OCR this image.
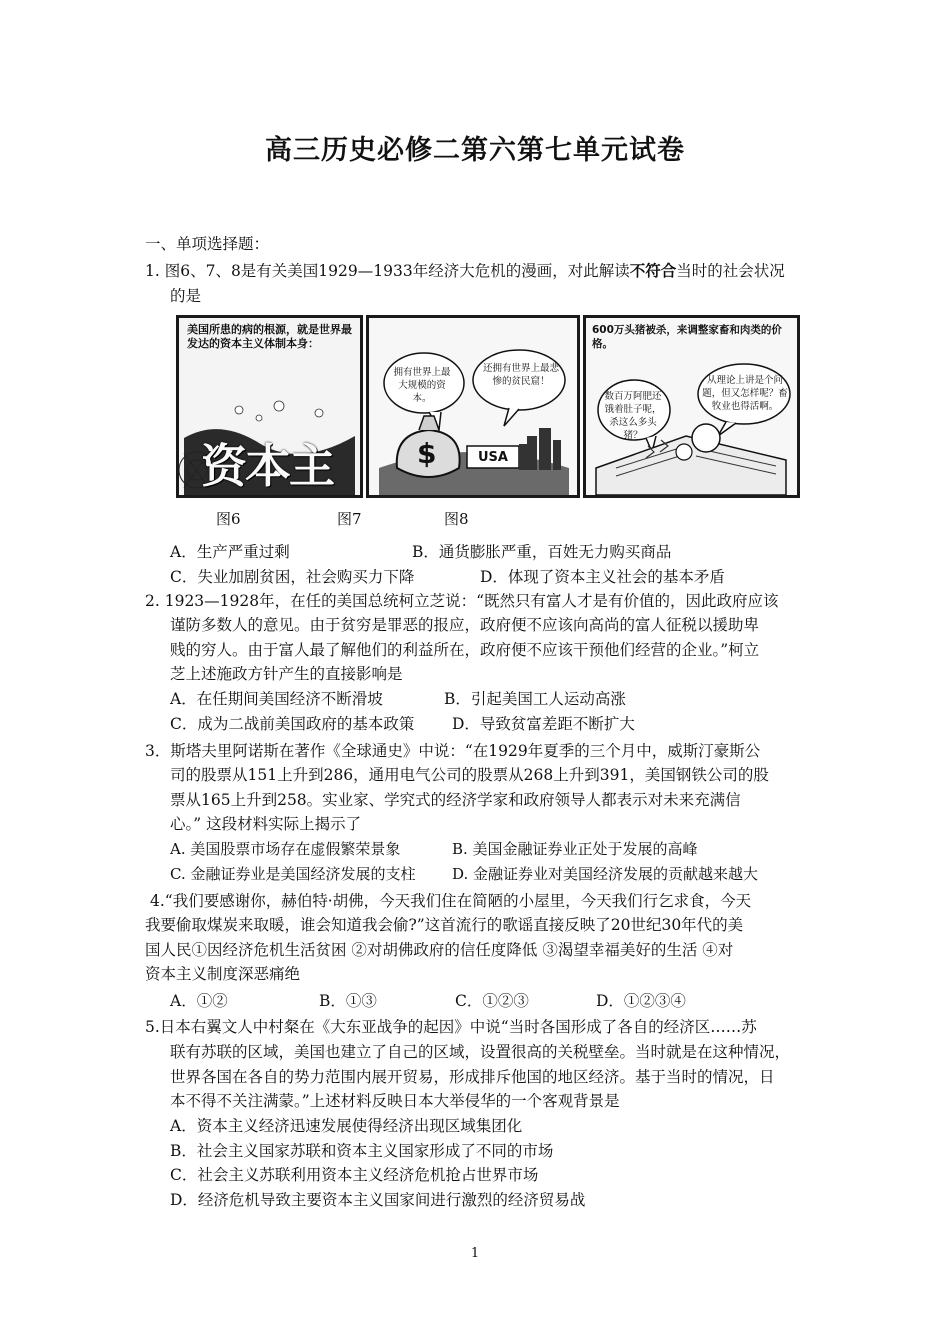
高三历史必修二第六第七单元试卷
一、单项选择题：
1. 图6、7、8是有关美国1929—1933年经济大危机的漫画，对此解读不符合当时的社会状况
的是
美国所患的病的根源，就是世界最发达的资本主义体制本身：
资本主	$
拥有世界上最大规模的资本。
还拥有世界上最悲惨的贫民窟！
USA
600万头猪被杀，来调整家畜和肉类的价格。
数百万阿肥还饿着肚子呢，杀这么多头猪？
从理论上讲是个问题，但又怎样呢？畜牧业也得活啊。
图6	图7	图8
A．生产严重过剩	B．通货膨胀严重，百姓无力购买商品
C．失业加剧贫困，社会购买力下降	D．体现了资本主义社会的基本矛盾
2. 1923—1928年，在任的美国总统柯立芝说：“既然只有富人才是有价值的，因此政府应该
谨防多数人的意见。由于贫穷是罪恶的报应，政府便不应该向高尚的富人征税以援助卑
贱的穷人。由于富人最了解他们的利益所在，政府便不应该干预他们经营的企业。”柯立
芝上述施政方针产生的直接影响是
A．在任期间美国经济不断滑坡	B．引起美国工人运动高涨
C．成为二战前美国政府的基本政策 D．导致贫富差距不断扩大
3．斯塔夫里阿诺斯在著作《全球通史》中说：“在1929年夏季的三个月中，威斯汀豪斯公
司的股票从151上升到286，通用电气公司的股票从268上升到391，美国钢铁公司的股
票从165上升到258。实业家、学究式的经济学家和政府领导人都表示对未来充满信
心。” 这段材料实际上揭示了
A. 美国股票市场存在虚假繁荣景象	B. 美国金融证券业正处于发展的高峰
C. 金融证券业是美国经济发展的支柱 D. 金融证券业对美国经济发展的贡献越来越大
4.“我们要感谢你，赫伯特·胡佛，今天我们住在简陋的小屋里，今天我们行乞求食，今天
我要偷取煤炭来取暖，谁会知道我会偷?”这首流行的歌谣直接反映了20世纪30年代的美
国人民①因经济危机生活贫困 ②对胡佛政府的信任度降低 ③渴望幸福美好的生活 ④对
资本主义制度深恶痛绝
A．①②	B．①③	C．①②③	D．①②③④
5.日本右翼文人中村粲在《大东亚战争的起因》中说“当时各国形成了各自的经济区……苏
联有苏联的区域，美国也建立了自己的区域，设置很高的关税壁垒。当时就是在这种情况，
世界各国在各自的势力范围内展开贸易，形成排斥他国的地区经济。基于当时的情况，日
本不得不关注满蒙。”上述材料反映日本大举侵华的一个客观背景是
A．资本主义经济迅速发展使得经济出现区域集团化
B．社会主义国家苏联和资本主义国家形成了不同的市场
C．社会主义苏联利用资本主义经济危机抢占世界市场
D．经济危机导致主要资本主义国家间进行激烈的经济贸易战
1
